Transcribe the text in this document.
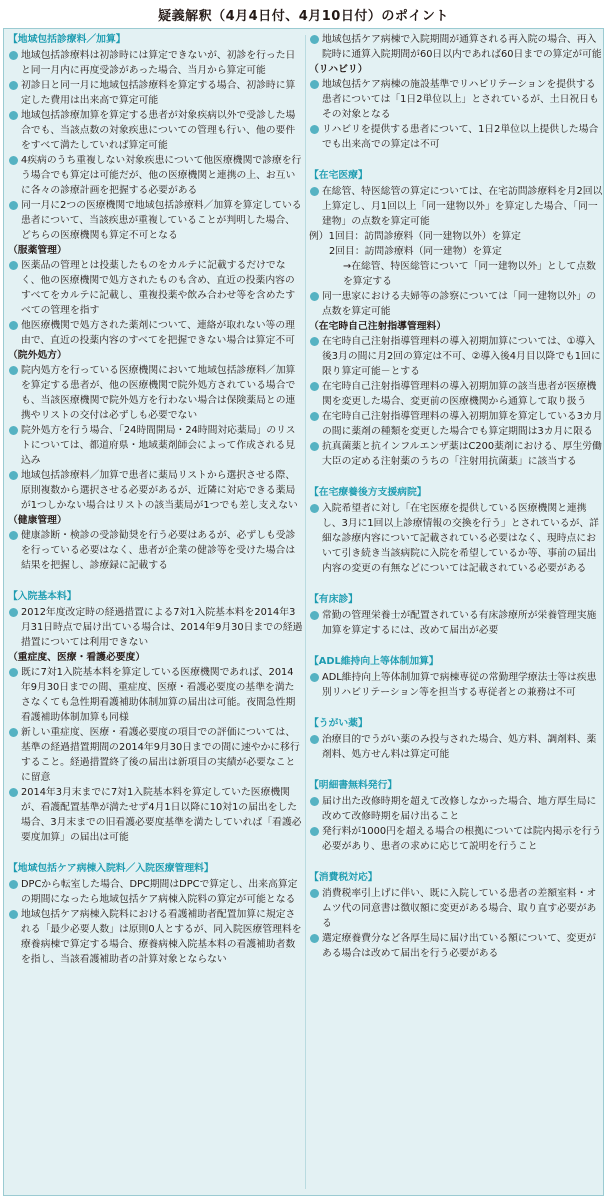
疑義解釈（4月4日付、4月10日付）のポイント
【地域包括診療料／加算】
地域包括診療料は初診時には算定できないが、初診を行った日と同一月内に再度受診があった場合、当月から算定可能
初診日と同一月に地域包括診療料を算定する場合、初診時に算定した費用は出来高で算定可能
地域包括診療加算を算定する患者が対象疾病以外で受診した場合でも、当該点数の対象疾患についての管理も行い、他の要件をすべて満たしていれば算定可能
4疾病のうち重複しない対象疾患について他医療機関で診療を行う場合でも算定は可能だが、他の医療機関と連携の上、お互いに各々の診療計画を把握する必要がある
同一月に2つの医療機関で地域包括診療料／加算を算定している患者について、当該疾患が重複していることが判明した場合、どちらの医療機関も算定不可となる
（服薬管理）
医薬品の管理とは投薬したものをカルテに記載するだけでなく、他の医療機関で処方されたものも含め、直近の投薬内容のすべてをカルテに記載し、重複投薬や飲み合わせ等を含めたすべての管理を指す
他医療機関で処方された薬剤について、連絡が取れない等の理由で、直近の投薬内容のすべてを把握できない場合は算定不可
（院外処方）
院内処方を行っている医療機関において地域包括診療料／加算を算定する患者が、他の医療機関で院外処方されている場合でも、当該医療機関で院外処方を行わない場合は保険薬局との連携やリストの交付は必ずしも必要でない
院外処方を行う場合、「24時間開局・24時間対応薬局」のリストについては、都道府県・地域薬剤師会によって作成される見込み
地域包括診療料／加算で患者に薬局リストから選択させる際、原則複数から選択させる必要があるが、近隣に対応できる薬局が1つしかない場合はリストの該当薬局が1つでも差し支えない
（健康管理）
健康診断・検診の受診勧奨を行う必要はあるが、必ずしも受診を行っている必要はなく、患者が企業の健診等を受けた場合は結果を把握し、診療録に記載する
【入院基本料】
2012年度改定時の経過措置による7対1入院基本料を2014年3月31日時点で届け出ている場合は、2014年9月30日までの経過措置については利用できない
（重症度、医療・看護必要度）
既に7対1入院基本料を算定している医療機関であれば、2014年9月30日までの間、重症度、医療・看護必要度の基準を満たさなくても急性期看護補助体制加算の届出は可能。夜間急性期看護補助体制加算も同様
新しい重症度、医療・看護必要度の項目での評価については、基準の経過措置期間の2014年9月30日までの間に速やかに移行すること。経過措置終了後の届出は新項目の実績が必要なことに留意
2014年3月末までに7対1入院基本料を算定していた医療機関が、看護配置基準が満たせず4月1日以降に10対1の届出をした場合、3月末までの旧看護必要度基準を満たしていれば「看護必要度加算」の届出は可能
【地域包括ケア病棟入院料／入院医療管理料】
DPCから転室した場合、DPC期間はDPCで算定し、出来高算定の期間になったら地域包括ケア病棟入院料の算定が可能となる
地域包括ケア病棟入院料における看護補助者配置加算に規定される「最少必要人数」は原則0人とするが、同入院医療管理料を療養病棟で算定する場合、療養病棟入院基本料の看護補助者数を指し、当該看護補助者の計算対象とならない
地域包括ケア病棟で入院期間が通算される再入院の場合、再入院時に通算入院期間が60日以内であれば60日までの算定が可能
（リハビリ）
地域包括ケア病棟の施設基準でリハビリテーションを提供する患者については「1日2単位以上」とされているが、土日祝日もその対象となる
リハビリを提供する患者について、1日2単位以上提供した場合でも出来高での算定は不可
【在宅医療】
在総管、特医総管の算定については、在宅訪問診療料を月2回以上算定し、月1回以上「同一建物以外」を算定した場合、「同一建物」の点数を算定可能
例）1回目：訪問診療料（同一建物以外）を算定
2回目：訪問診療料（同一建物）を算定
→在総管、特医総管について「同一建物以外」として点数を算定する
同一患家における夫婦等の診察については「同一建物以外」の点数を算定可能
（在宅時自己注射指導管理料）
在宅時自己注射指導管理料の導入初期加算については、①導入後3月の間に月2回の算定は不可、②導入後4月目以降でも1回に限り算定可能－とする
在宅時自己注射指導管理料の導入初期加算の該当患者が医療機関を変更した場合、変更前の医療機関から通算して取り扱う
在宅時自己注射指導管理料の導入初期加算を算定している3カ月の間に薬剤の種類を変更した場合でも算定期間は3カ月に限る
抗真菌薬と抗インフルエンザ薬はC200薬剤における、厚生労働大臣の定める注射薬のうちの「注射用抗菌薬」に該当する
【在宅療養後方支援病院】
入院希望者に対し「在宅医療を提供している医療機関と連携し、3月に1回以上診療情報の交換を行う」とされているが、詳細な診療内容について記載されている必要はなく、現時点において引き続き当該病院に入院を希望しているか等、事前の届出内容の変更の有無などについては記載されている必要がある
【有床診】
常勤の管理栄養士が配置されている有床診療所が栄養管理実施加算を算定するには、改めて届出が必要
【ADL維持向上等体制加算】
ADL維持向上等体制加算で病棟専従の常勤理学療法士等は疾患別リハビリテーション等を担当する専従者との兼務は不可
【うがい薬】
治療目的でうがい薬のみ投与された場合、処方料、調剤料、薬剤料、処方せん料は算定可能
【明細書無料発行】
届け出た改修時期を超えて改修しなかった場合、地方厚生局に改めて改修時期を届け出ること
発行料が1000円を超える場合の根拠については院内掲示を行う必要があり、患者の求めに応じて説明を行うこと
【消費税対応】
消費税率引上げに伴い、既に入院している患者の差額室料・オムツ代の同意書は徴収額に変更がある場合、取り直す必要がある
選定療養費分など各厚生局に届け出ている額について、変更がある場合は改めて届出を行う必要がある
